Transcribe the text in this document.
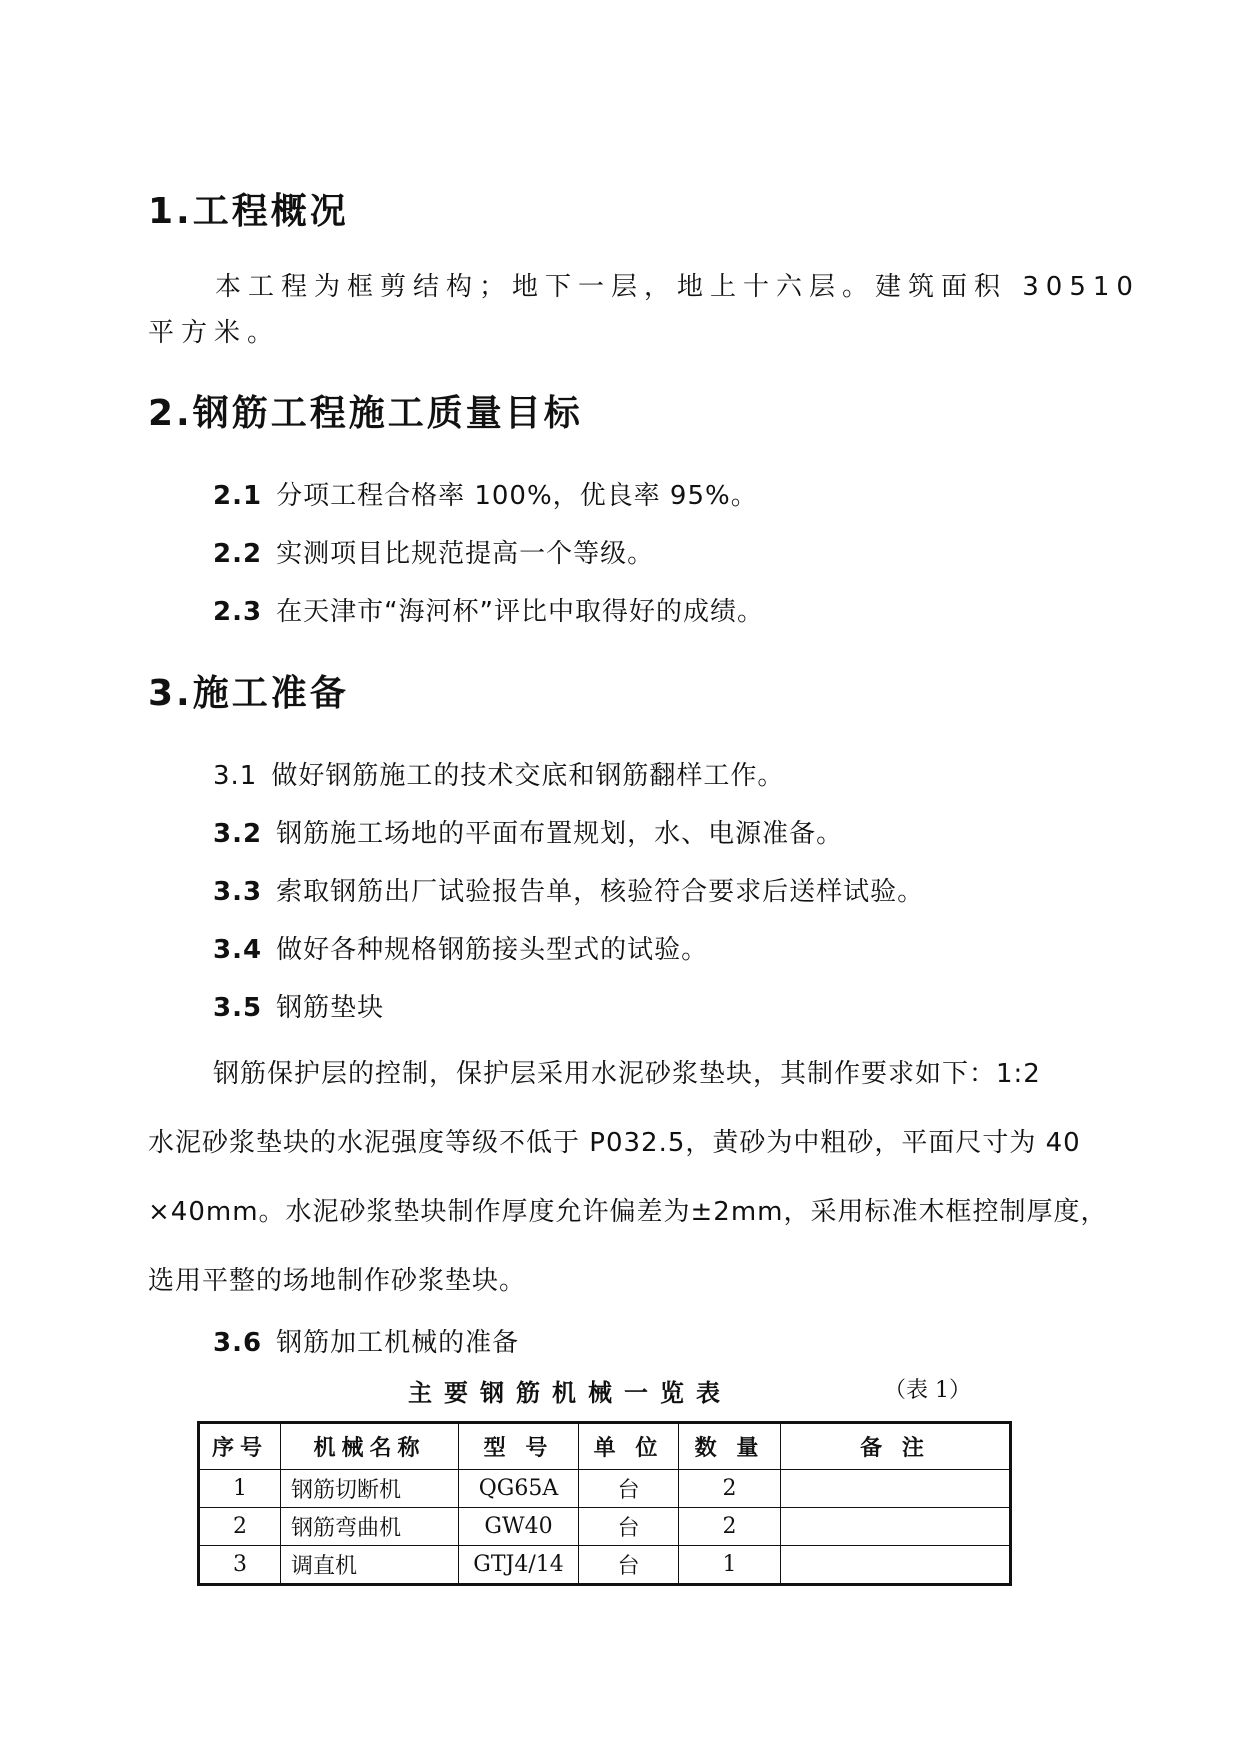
1.工程概况
本工程为框剪结构；地下一层，地上十六层。建筑面积 30510
平方米。
2.钢筋工程施工质量目标
2.1 分项工程合格率 100%，优良率 95%。
2.2 实测项目比规范提高一个等级。
2.3 在天津市“海河杯”评比中取得好的成绩。
3.施工准备
3.1 做好钢筋施工的技术交底和钢筋翻样工作。
3.2 钢筋施工场地的平面布置规划，水、电源准备。
3.3 索取钢筋出厂试验报告单，核验符合要求后送样试验。
3.4 做好各种规格钢筋接头型式的试验。
3.5 钢筋垫块
钢筋保护层的控制，保护层采用水泥砂浆垫块，其制作要求如下：1:2
水泥砂浆垫块的水泥强度等级不低于 P032.5，黄砂为中粗砂，平面尺寸为 40
×40mm。水泥砂浆垫块制作厚度允许偏差为±2mm，采用标准木框控制厚度，
选用平整的场地制作砂浆垫块。
3.6 钢筋加工机械的准备
主要钢筋机械一览表	（表 1）
序号	机械名称	型 号	单 位	数 量	备 注
1	钢筋切断机	QG65A	台	2	
2	钢筋弯曲机	GW40	台	2	
3	调直机	GTJ4/14	台	1	
